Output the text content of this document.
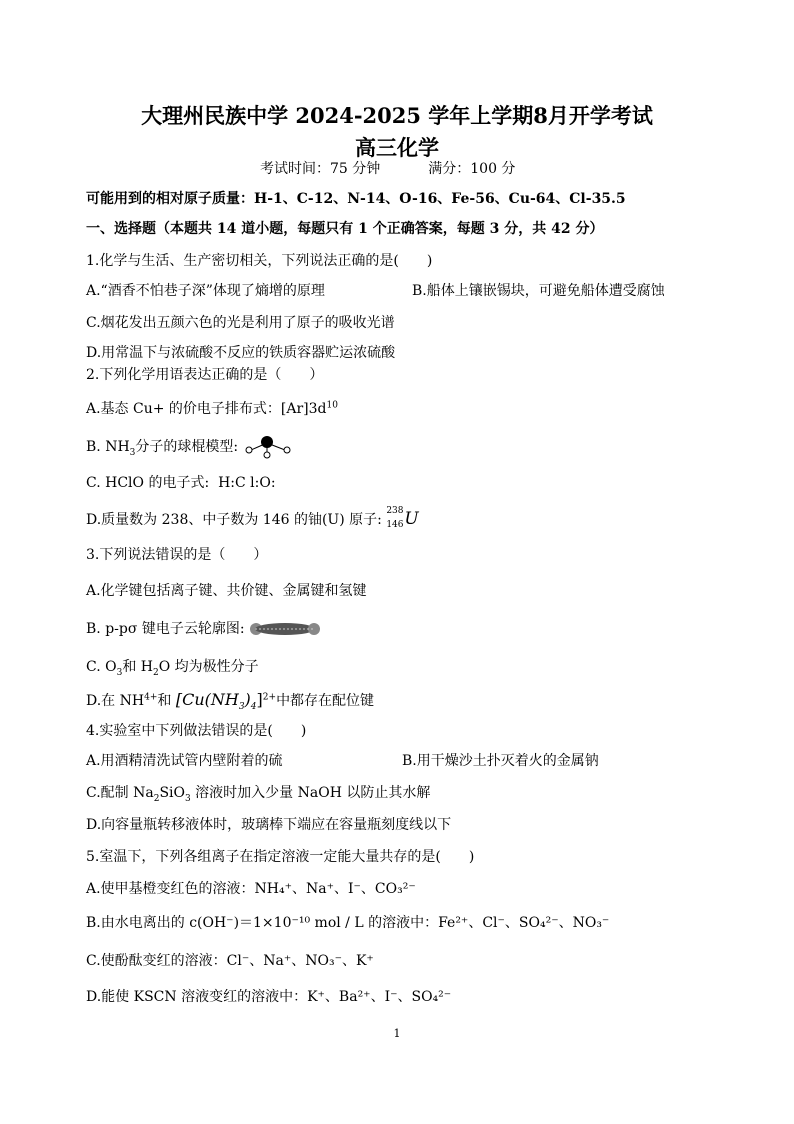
大理州民族中学 2024-2025 学年上学期8月开学考试
高三化学
考试时间：75 分钟	满分：100 分
可能用到的相对原子质量：H-1、C-12、N-14、O-16、Fe-56、Cu-64、Cl-35.5
一、选择题（本题共 14 道小题，每题只有 1 个正确答案，每题 3 分，共 42 分）
1.化学与生活、生产密切相关，下列说法正确的是(　　)
A.“酒香不怕巷子深”体现了熵增的原理	B.船体上镶嵌锡块，可避免船体遭受腐蚀
C.烟花发出五颜六色的光是利用了原子的吸收光谱
D.用常温下与浓硫酸不反应的铁质容器贮运浓硫酸
2.下列化学用语表达正确的是（　　）
A.基态 Cu+ 的价电子排布式：$[Ar]3d^{10}$
B. $NH_3$分子的球棍模型:
C. HClO 的电子式: H:C l:O:
D.质量数为 238、中子数为 146 的铀(U) 原子:
238
146 U
3.下列说法错误的是（　　）
A.化学键包括离子键、共价键、金属键和氢键
B. p-pσ 键电子云轮廓图:
C. $O_3$和 $H_2O$ 均为极性分子
D.在 $NH^{4+}$和 $[Cu(NH_3)_4]^{2+}$中都存在配位键
4.实验室中下列做法错误的是(　　)
A.用酒精清洗试管内壁附着的硫	B.用干燥沙土扑灭着火的金属钠
C.配制 $Na_2SiO_3$ 溶液时加入少量 NaOH 以防止其水解
D.向容量瓶转移液体时，玻璃棒下端应在容量瓶刻度线以下
5.室温下，下列各组离子在指定溶液一定能大量共存的是(　　)
A.使甲基橙变红色的溶液：NH₄⁺、Na⁺、I⁻、CO₃²⁻
B.由水电离出的 c(OH⁻)＝1×10⁻¹⁰ mol / L 的溶液中：Fe²⁺、Cl⁻、SO₄²⁻、NO₃⁻
C.使酚酞变红的溶液：Cl⁻、Na⁺、NO₃⁻、K⁺
D.能使 KSCN 溶液变红的溶液中：K⁺、Ba²⁺、I⁻、SO₄²⁻
1
